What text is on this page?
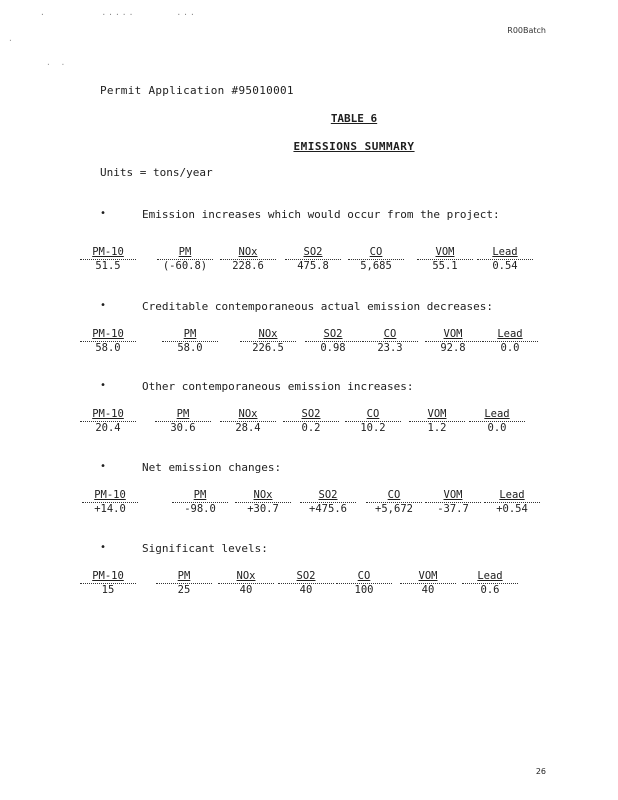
.        .....      ...
·
·  ·
R00Batch
Permit Application #95010001
TABLE 6
EMISSIONS SUMMARY
Units = tons/year
•	Emission increases which would occur from the project:
PM-10	PM	NOx	SO2	CO	VOM	Lead
51.5	(-60.8)	228.6	475.8	5,685	55.1	0.54
•	Creditable contemporaneous actual emission decreases:
PM-10	PM	NOx	SO2	CO	VOM	Lead
58.0	58.0	226.5	0.98	23.3	92.8	0.0
•	Other contemporaneous emission increases:
PM-10	PM	NOx	SO2	CO	VOM	Lead
20.4	30.6	28.4	0.2	10.2	1.2	0.0
•	Net emission changes:
PM-10	PM	NOx	SO2	CO	VOM	Lead
+14.0	-98.0	+30.7	+475.6	+5,672	-37.7	+0.54
•	Significant levels:
PM-10	PM	NOx	SO2	CO	VOM	Lead
15	25	40	40	100	40	0.6
26
